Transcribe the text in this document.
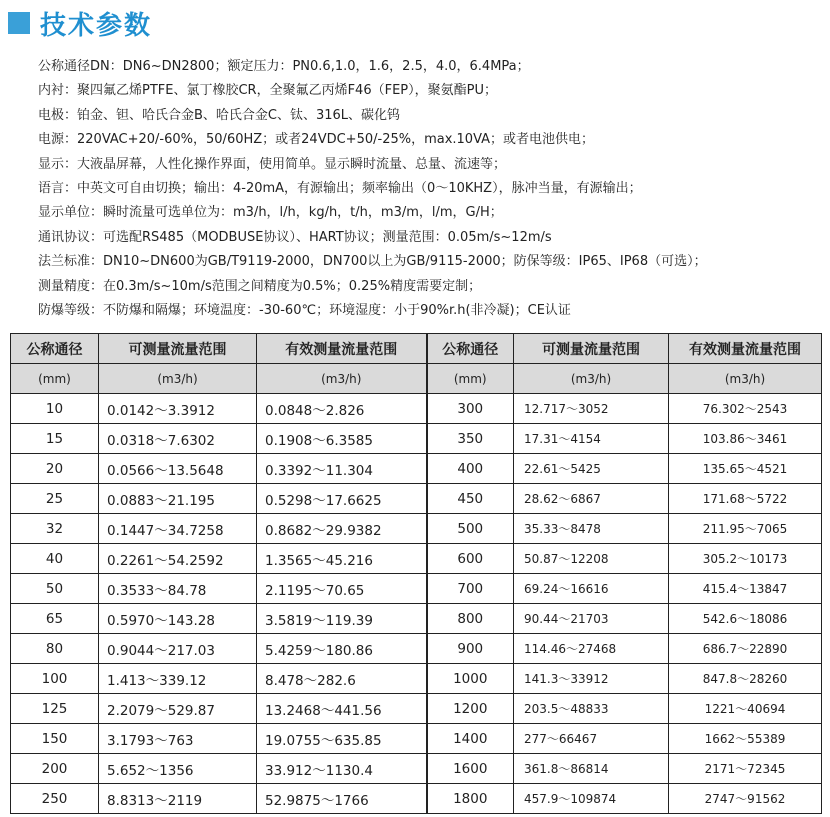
技术参数
公称通径DN：DN6~DN2800；额定压力：PN0.6,1.0，1.6，2.5，4.0，6.4MPa；
内衬：聚四氟乙烯PTFE、氯丁橡胶CR，全聚氟乙丙烯F46（FEP），聚氨酯PU；
电极：铂金、钽、哈氏合金B、哈氏合金C、钛、316L、碳化钨
电源：220VAC+20/-60%，50/60HZ；或者24VDC+50/-25%，max.10VA；或者电池供电；
显示：大液晶屏幕，人性化操作界面，使用简单。显示瞬时流量、总量、流速等；
语言：中英文可自由切换；输出：4-20mA，有源输出；频率输出（0～10KHZ），脉冲当量，有源输出；
显示单位：瞬时流量可选单位为：m3/h，l/h，kg/h，t/h，m3/m，l/m，G/H；
通讯协议：可选配RS485（MODBUSE协议）、HART协议；测量范围：0.05m/s~12m/s
法兰标准：DN10~DN600为GB/T9119-2000，DN700以上为GB/9115-2000；防保等级：IP65、IP68（可选）；
测量精度：在0.3m/s~10m/s范围之间精度为0.5%；0.25%精度需要定制；
防爆等级：不防爆和隔爆；环境温度：-30-60℃；环境湿度：小于90%r.h(非冷凝)；CE认证
公称通径	可测量流量范围	有效测量流量范围	公称通径	可测量流量范围	有效测量流量范围
(mm)	(m3/h)	(m3/h)	(mm)	(m3/h)	(m3/h)
10	0.0142～3.3912	0.0848～2.826	300	12.717～3052	76.302～2543
15	0.0318～7.6302	0.1908～6.3585	350	17.31～4154	103.86～3461
20	0.0566～13.5648	0.3392～11.304	400	22.61～5425	135.65～4521
25	0.0883～21.195	0.5298～17.6625	450	28.62～6867	171.68～5722
32	0.1447～34.7258	0.8682～29.9382	500	35.33～8478	211.95～7065
40	0.2261～54.2592	1.3565～45.216	600	50.87～12208	305.2～10173
50	0.3533～84.78	2.1195～70.65	700	69.24～16616	415.4～13847
65	0.5970～143.28	3.5819～119.39	800	90.44～21703	542.6～18086
80	0.9044～217.03	5.4259～180.86	900	114.46～27468	686.7～22890
100	1.413～339.12	8.478～282.6	1000	141.3～33912	847.8～28260
125	2.2079～529.87	13.2468～441.56	1200	203.5～48833	1221～40694
150	3.1793～763	19.0755～635.85	1400	277～66467	1662～55389
200	5.652～1356	33.912～1130.4	1600	361.8～86814	2171～72345
250	8.8313～2119	52.9875～1766	1800	457.9～109874	2747～91562
